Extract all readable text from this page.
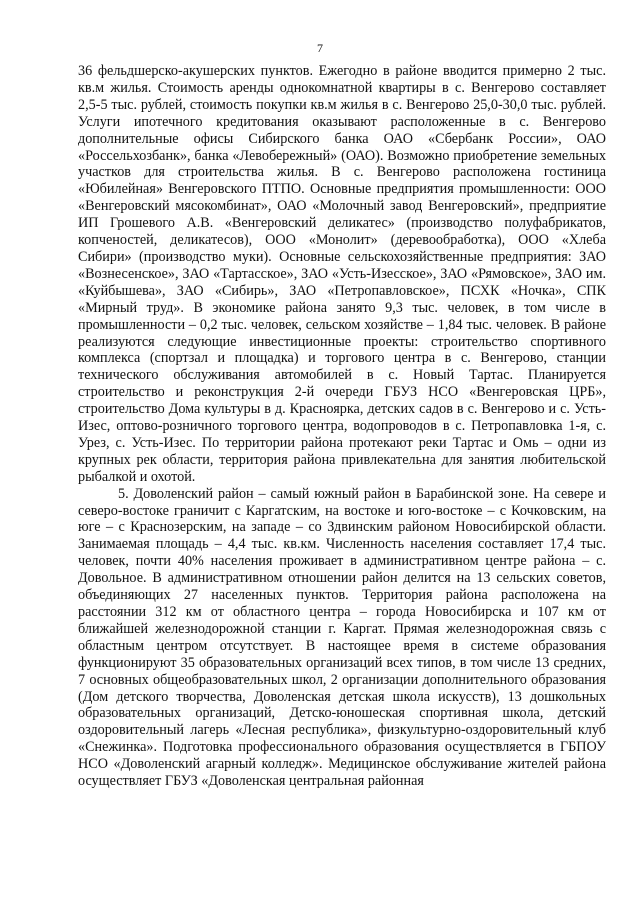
7

36 фельдшерско-акушерских пунктов. Ежегодно в районе вводится примерно 2 тыс. кв.м жилья. Стоимость аренды однокомнатной квартиры в с. Венгерово составляет 2,5-5 тыс. рублей, стоимость покупки кв.м жилья в с. Венгерово 25,0-30,0 тыс. рублей. Услуги ипотечного кредитования оказывают расположенные в с. Венгерово дополнительные офисы Сибирского банка ОАО «Сбербанк России», ОАО «Россельхозбанк», банка «Левобережный» (ОАО). Возможно приобретение земельных участков для строительства жилья. В с. Венгерово расположена гостиница «Юбилейная» Венгеровского ПТПО. Основные предприятия промышленности: ООО «Венгеровский мясокомбинат», ОАО «Молочный завод Венгеровский», предприятие ИП Грошевого А.В. «Венгеровский деликатес» (производство полуфабрикатов, копченостей, деликатесов), ООО «Монолит» (деревообработка), ООО «Хлеба Сибири» (производство муки). Основные сельскохозяйственные предприятия: ЗАО «Вознесенское», ЗАО «Тартасское», ЗАО «Усть-Изесское», ЗАО «Рямовское», ЗАО им. «Куйбышева», ЗАО «Сибирь», ЗАО «Петропавловское», ПСХК «Ночка», СПК «Мирный труд». В экономике района занято 9,3 тыс. человек, в том числе в промышленности – 0,2 тыс. человек, сельском хозяйстве – 1,84 тыс. человек. В районе реализуются следующие инвестиционные проекты: строительство спортивного комплекса (спортзал и площадка) и торгового центра в с. Венгерово, станции технического обслуживания автомобилей в с. Новый Тартас. Планируется строительство и реконструкция 2-й очереди ГБУЗ НСО «Венгеровская ЦРБ», строительство Дома культуры в д. Красноярка, детских садов в с. Венгерово и с. Усть-Изес, оптово-розничного торгового центра, водопроводов в с. Петропавловка 1-я, с. Урез, с. Усть-Изес. По территории района протекают реки Тартас и Омь – одни из крупных рек области, территория района привлекательна для занятия любительской рыбалкой и охотой.

5. Доволенский район – самый южный район в Барабинской зоне. На севере и северо-востоке граничит с Каргатским, на востоке и юго-востоке – с Кочковским, на юге – с Краснозерским, на западе – со Здвинским районом Новосибирской области. Занимаемая площадь – 4,4 тыс. кв.км. Численность населения составляет 17,4 тыс. человек, почти 40% населения проживает в административном центре района – с. Довольное. В административном отношении район делится на 13 сельских советов, объединяющих 27 населенных пунктов. Территория района расположена на расстоянии 312 км от областного центра – города Новосибирска и 107 км от ближайшей железнодорожной станции г. Каргат. Прямая железнодорожная связь с областным центром отсутствует. В настоящее время в системе образования функционируют 35 образовательных организаций всех типов, в том числе 13 средних, 7 основных общеобразовательных школ, 2 организации дополнительного образования (Дом детского творчества, Доволенская детская школа искусств), 13 дошкольных образовательных организаций, Детско-юношеская спортивная школа, детский оздоровительный лагерь «Лесная республика», физкультурно-оздоровительный клуб «Снежинка». Подготовка профессионального образования осуществляется в ГБПОУ НСО «Доволенский агарный колледж». Медицинское обслуживание жителей района осуществляет ГБУЗ «Доволенская центральная районная
